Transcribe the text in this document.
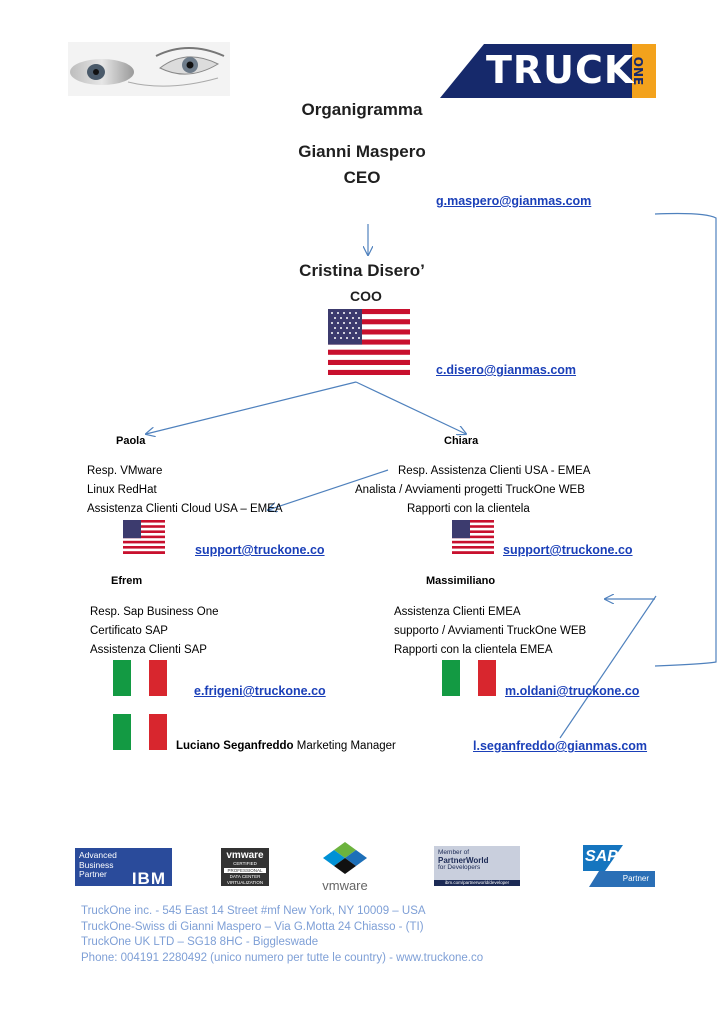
TRUCK
ONE
Organigramma
Gianni Maspero
CEO
g.maspero@gianmas.com
Cristina Disero’
COO
c.disero@gianmas.com
Paola
Resp. VMware
Linux RedHat
Assistenza Clienti Cloud USA – EMEA
support@truckone.co
Chiara
Resp. Assistenza Clienti USA - EMEA
Analista / Avviamenti progetti TruckOne WEB
Rapporti con la clientela
support@truckone.co
Efrem
Resp. Sap Business One
Certificato SAP
Assistenza Clienti SAP
e.frigeni@truckone.co
Massimiliano
Assistenza Clienti EMEA
supporto / Avviamenti TruckOne WEB
Rapporti con la clientela EMEA
m.oldani@truckone.co
Luciano Seganfreddo Marketing Manager	l.seganfreddo@gianmas.com
Advanced
Business
Partner	IBM
vmware
CERTIFIED
PROFESSIONAL
DATA CENTER
VIRTUALIZATION	vmware
Member of
PartnerWorld
for Developers
ibm.com/partnerworld/developer
SAP
Partner
TruckOne inc. - 545 East 14 Street #mf New York, NY 10009 – USA
TruckOne-Swiss di Gianni Maspero – Via G.Motta 24 Chiasso - (TI)
TruckOne UK LTD – SG18 8HC - Biggleswade
Phone: 004191 2280492 (unico numero per tutte le country) - www.truckone.co
